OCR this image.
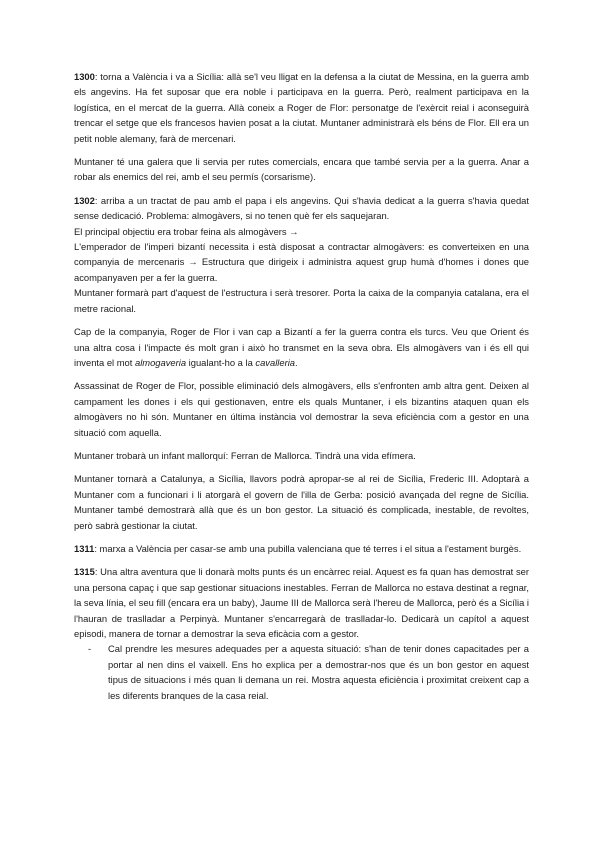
1300: torna a València i va a Sicília: allà se'l veu lligat en la defensa a la ciutat de Messina, en la guerra amb els angevins. Ha fet suposar que era noble i participava en la guerra. Però, realment participava en la logística, en el mercat de la guerra. Allà coneix a Roger de Flor: personatge de l'exèrcit reial i aconseguirà trencar el setge que els francesos havien posat a la ciutat. Muntaner administrarà els béns de Flor. Ell era un petit noble alemany, farà de mercenari.

Muntaner té una galera que li servia per rutes comercials, encara que també servia per a la guerra. Anar a robar als enemics del rei, amb el seu permís (corsarisme).

1302: arriba a un tractat de pau amb el papa i els angevins. Qui s'havia dedicat a la guerra s'havia quedat sense dedicació. Problema: almogàvers, si no tenen què fer els saquejaran.

El principal objectiu era trobar feina als almogàvers →

L'emperador de l'imperi bizantí necessita i està disposat a contractar almogàvers: es converteixen en una companyia de mercenaris → Estructura que dirigeix i administra aquest grup humà d'homes i dones que acompanyaven per a fer la guerra.

Muntaner formarà part d'aquest de l'estructura i serà tresorer. Porta la caixa de la companyia catalana, era el metre racional.

Cap de la companyia, Roger de Flor i van cap a Bizantí a fer la guerra contra els turcs. Veu que Orient és una altra cosa i l'impacte és molt gran i això ho transmet en la seva obra. Els almogàvers van i és ell qui inventa el mot almogaveria igualant-ho a la cavalleria.

Assassinat de Roger de Flor, possible eliminació dels almogàvers, ells s'enfronten amb altra gent. Deixen al campament les dones i els qui gestionaven, entre els quals Muntaner, i els bizantins ataquen quan els almogàvers no hi són. Muntaner en última instància vol demostrar la seva eficiència com a gestor en una situació com aquella.

Muntaner trobarà un infant mallorquí: Ferran de Mallorca. Tindrà una vida efímera.

Muntaner tornarà a Catalunya, a Sicília, llavors podrà apropar-se al rei de Sicília, Frederic III. Adoptarà a Muntaner com a funcionari i li atorgarà el govern de l'illa de Gerba: posició avançada del regne de Sicília. Muntaner també demostrarà allà que és un bon gestor. La situació és complicada, inestable, de revoltes, però sabrà gestionar la ciutat.

1311: marxa a València per casar-se amb una pubilla valenciana que té terres i el situa a l'estament burgès.

1315: Una altra aventura que li donarà molts punts és un encàrrec reial. Aquest es fa quan has demostrat ser una persona capaç i que sap gestionar situacions inestables. Ferran de Mallorca no estava destinat a regnar, la seva línia, el seu fill (encara era un baby), Jaume III de Mallorca serà l'hereu de Mallorca, però és a Sicília i l'hauran de traslladar a Perpinyà. Muntaner s'encarregarà de traslladar-lo. Dedicarà un capítol a aquest episodi, manera de tornar a demostrar la seva eficàcia com a gestor.

- Cal prendre les mesures adequades per a aquesta situació: s'han de tenir dones capacitades per a portar al nen dins el vaixell. Ens ho explica per a demostrar-nos que és un bon gestor en aquest tipus de situacions i més quan li demana un rei. Mostra aquesta eficiència i proximitat creixent cap a les diferents branques de la casa reial.
